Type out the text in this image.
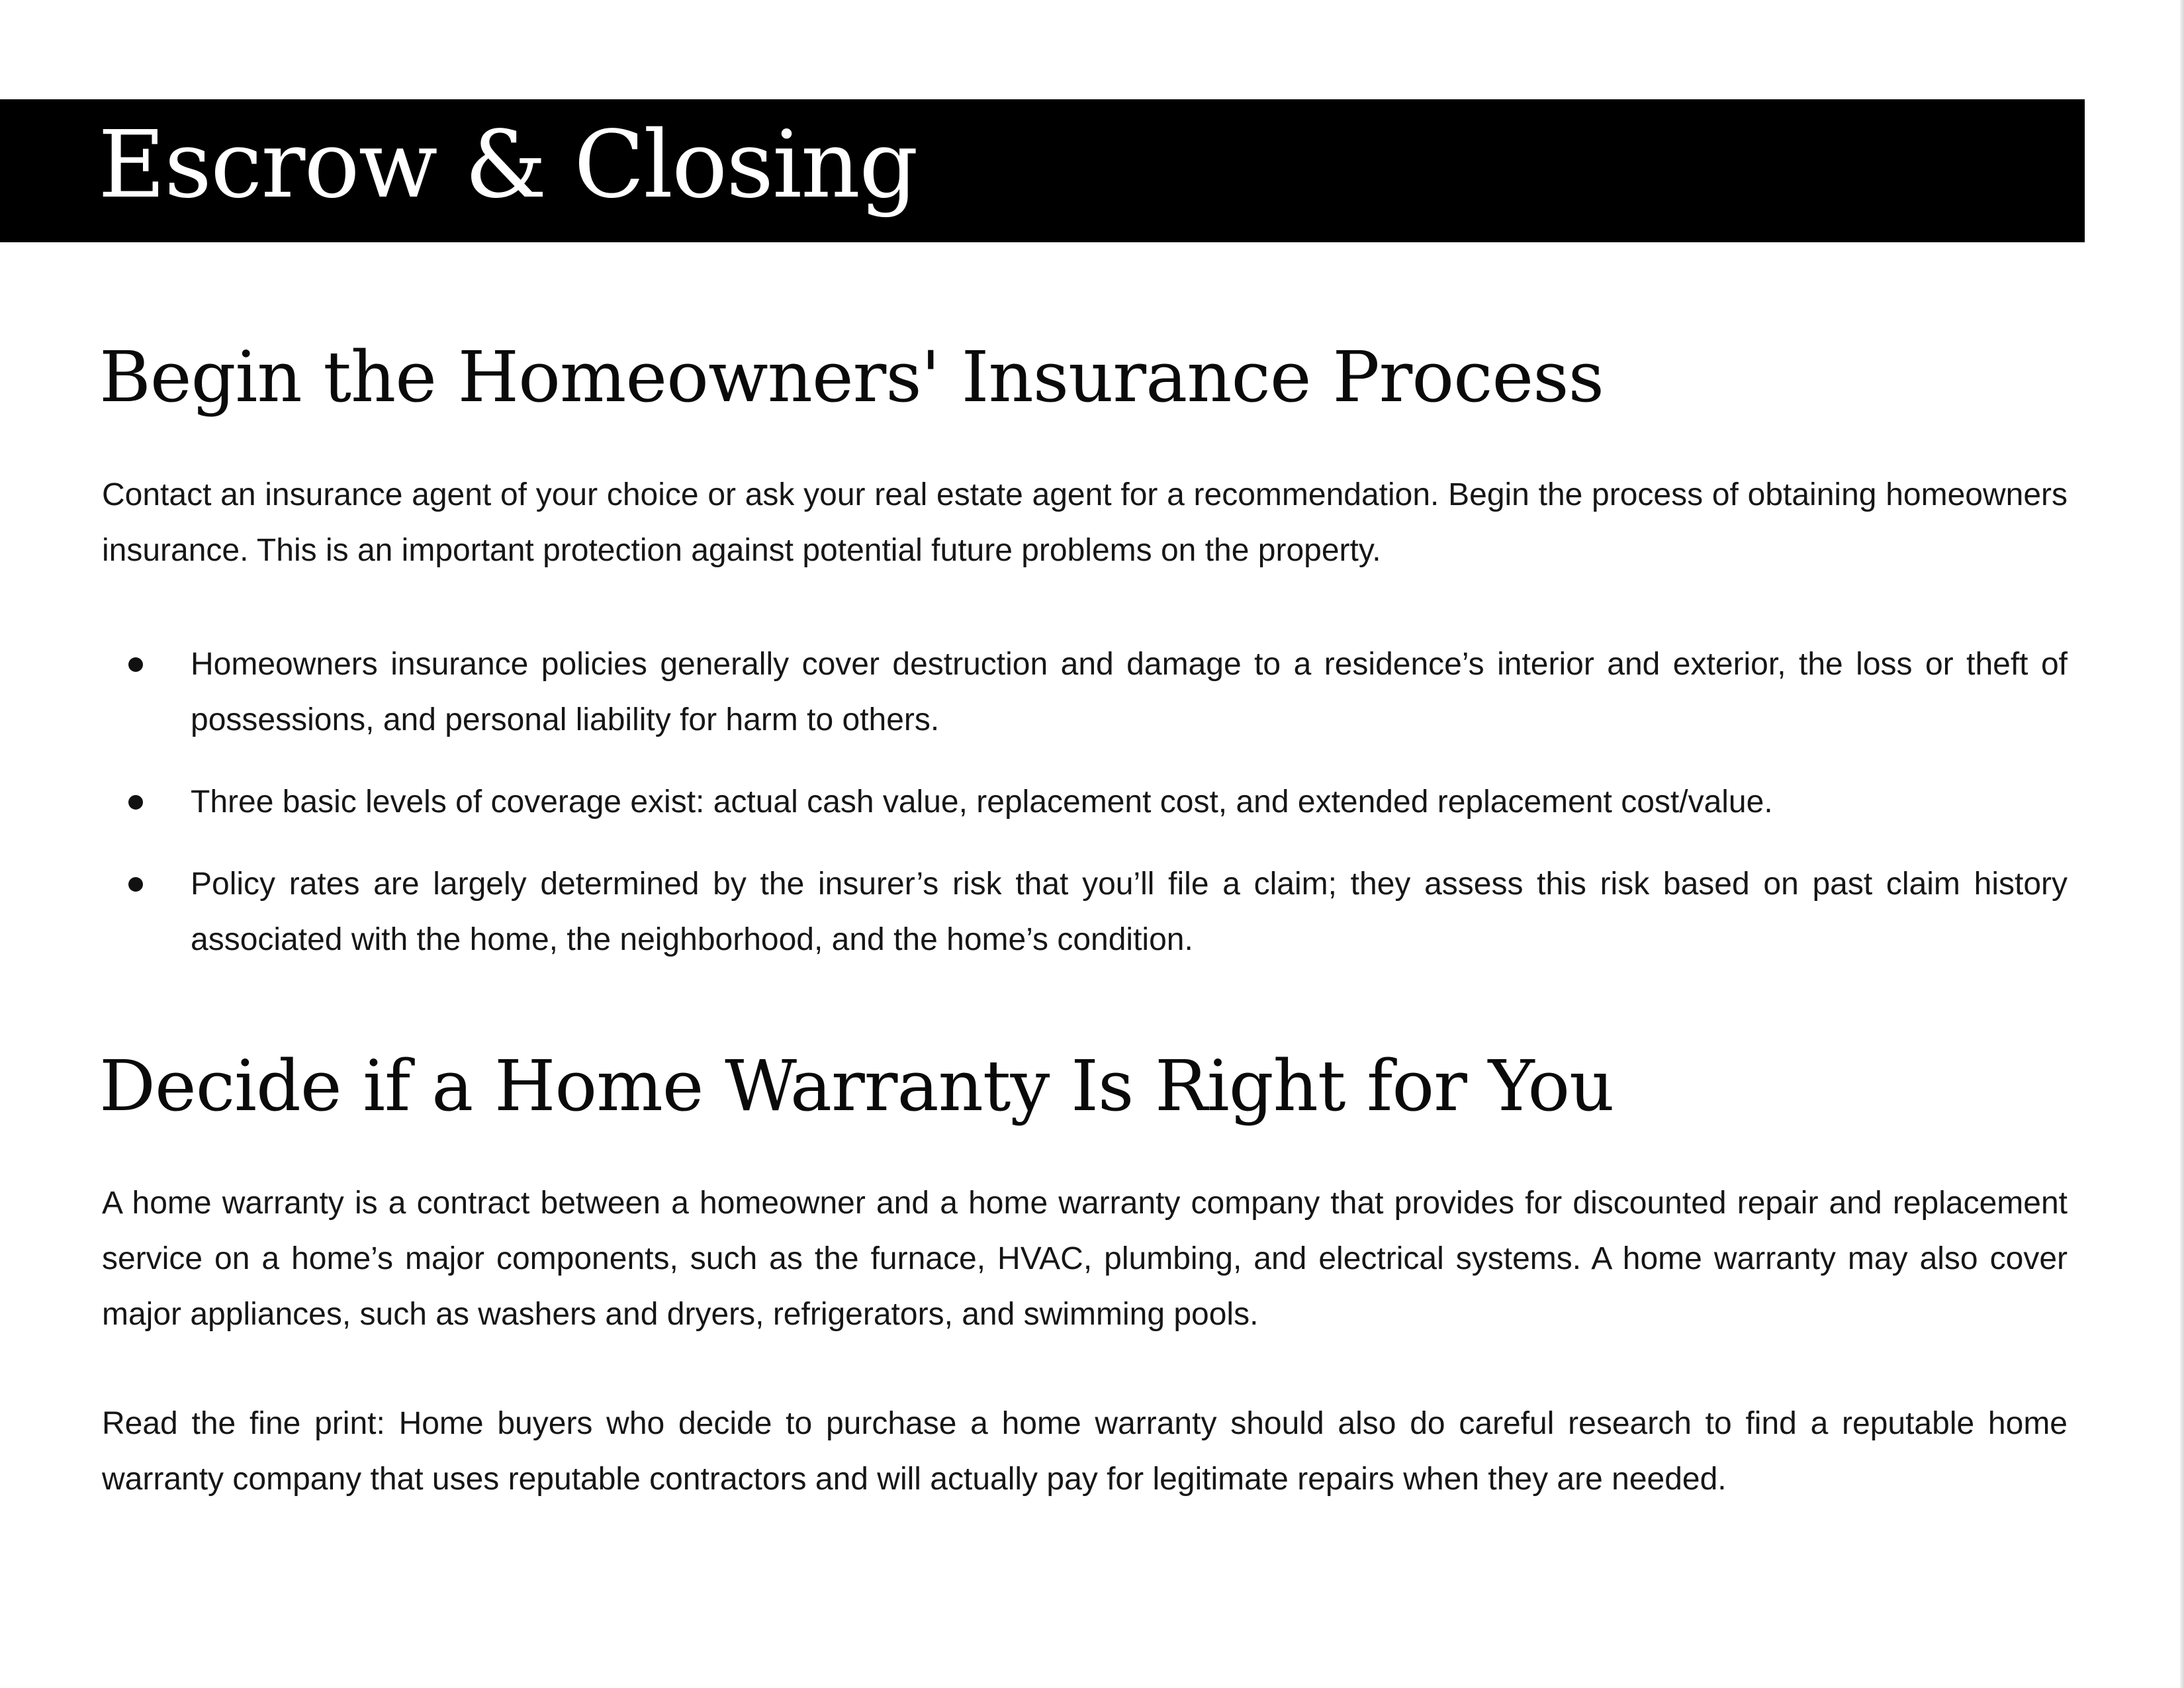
Escrow & Closing
Begin the Homeowners' Insurance Process

Contact an insurance agent of your choice or ask your real estate agent for a recommendation. Begin the process of obtaining homeowners insurance. This is an important protection against potential future problems on the property.

Homeowners insurance policies generally cover destruction and damage to a residence’s interior and exterior, the loss or theft of possessions, and personal liability for harm to others.
Three basic levels of coverage exist: actual cash value, replacement cost, and extended replacement cost/value.
Policy rates are largely determined by the insurer’s risk that you’ll file a claim; they assess this risk based on past claim history associated with the home, the neighborhood, and the home’s condition.
Decide if a Home Warranty Is Right for You

A home warranty is a contract between a homeowner and a home warranty company that provides for discounted repair and replacement service on a home’s major components, such as the furnace, HVAC, plumbing, and electrical systems. A home warranty may also cover major appliances, such as washers and dryers, refrigerators, and swimming pools.

Read the fine print: Home buyers who decide to purchase a home warranty should also do careful research to find a reputable home warranty company that uses reputable contractors and will actually pay for legitimate repairs when they are needed.
